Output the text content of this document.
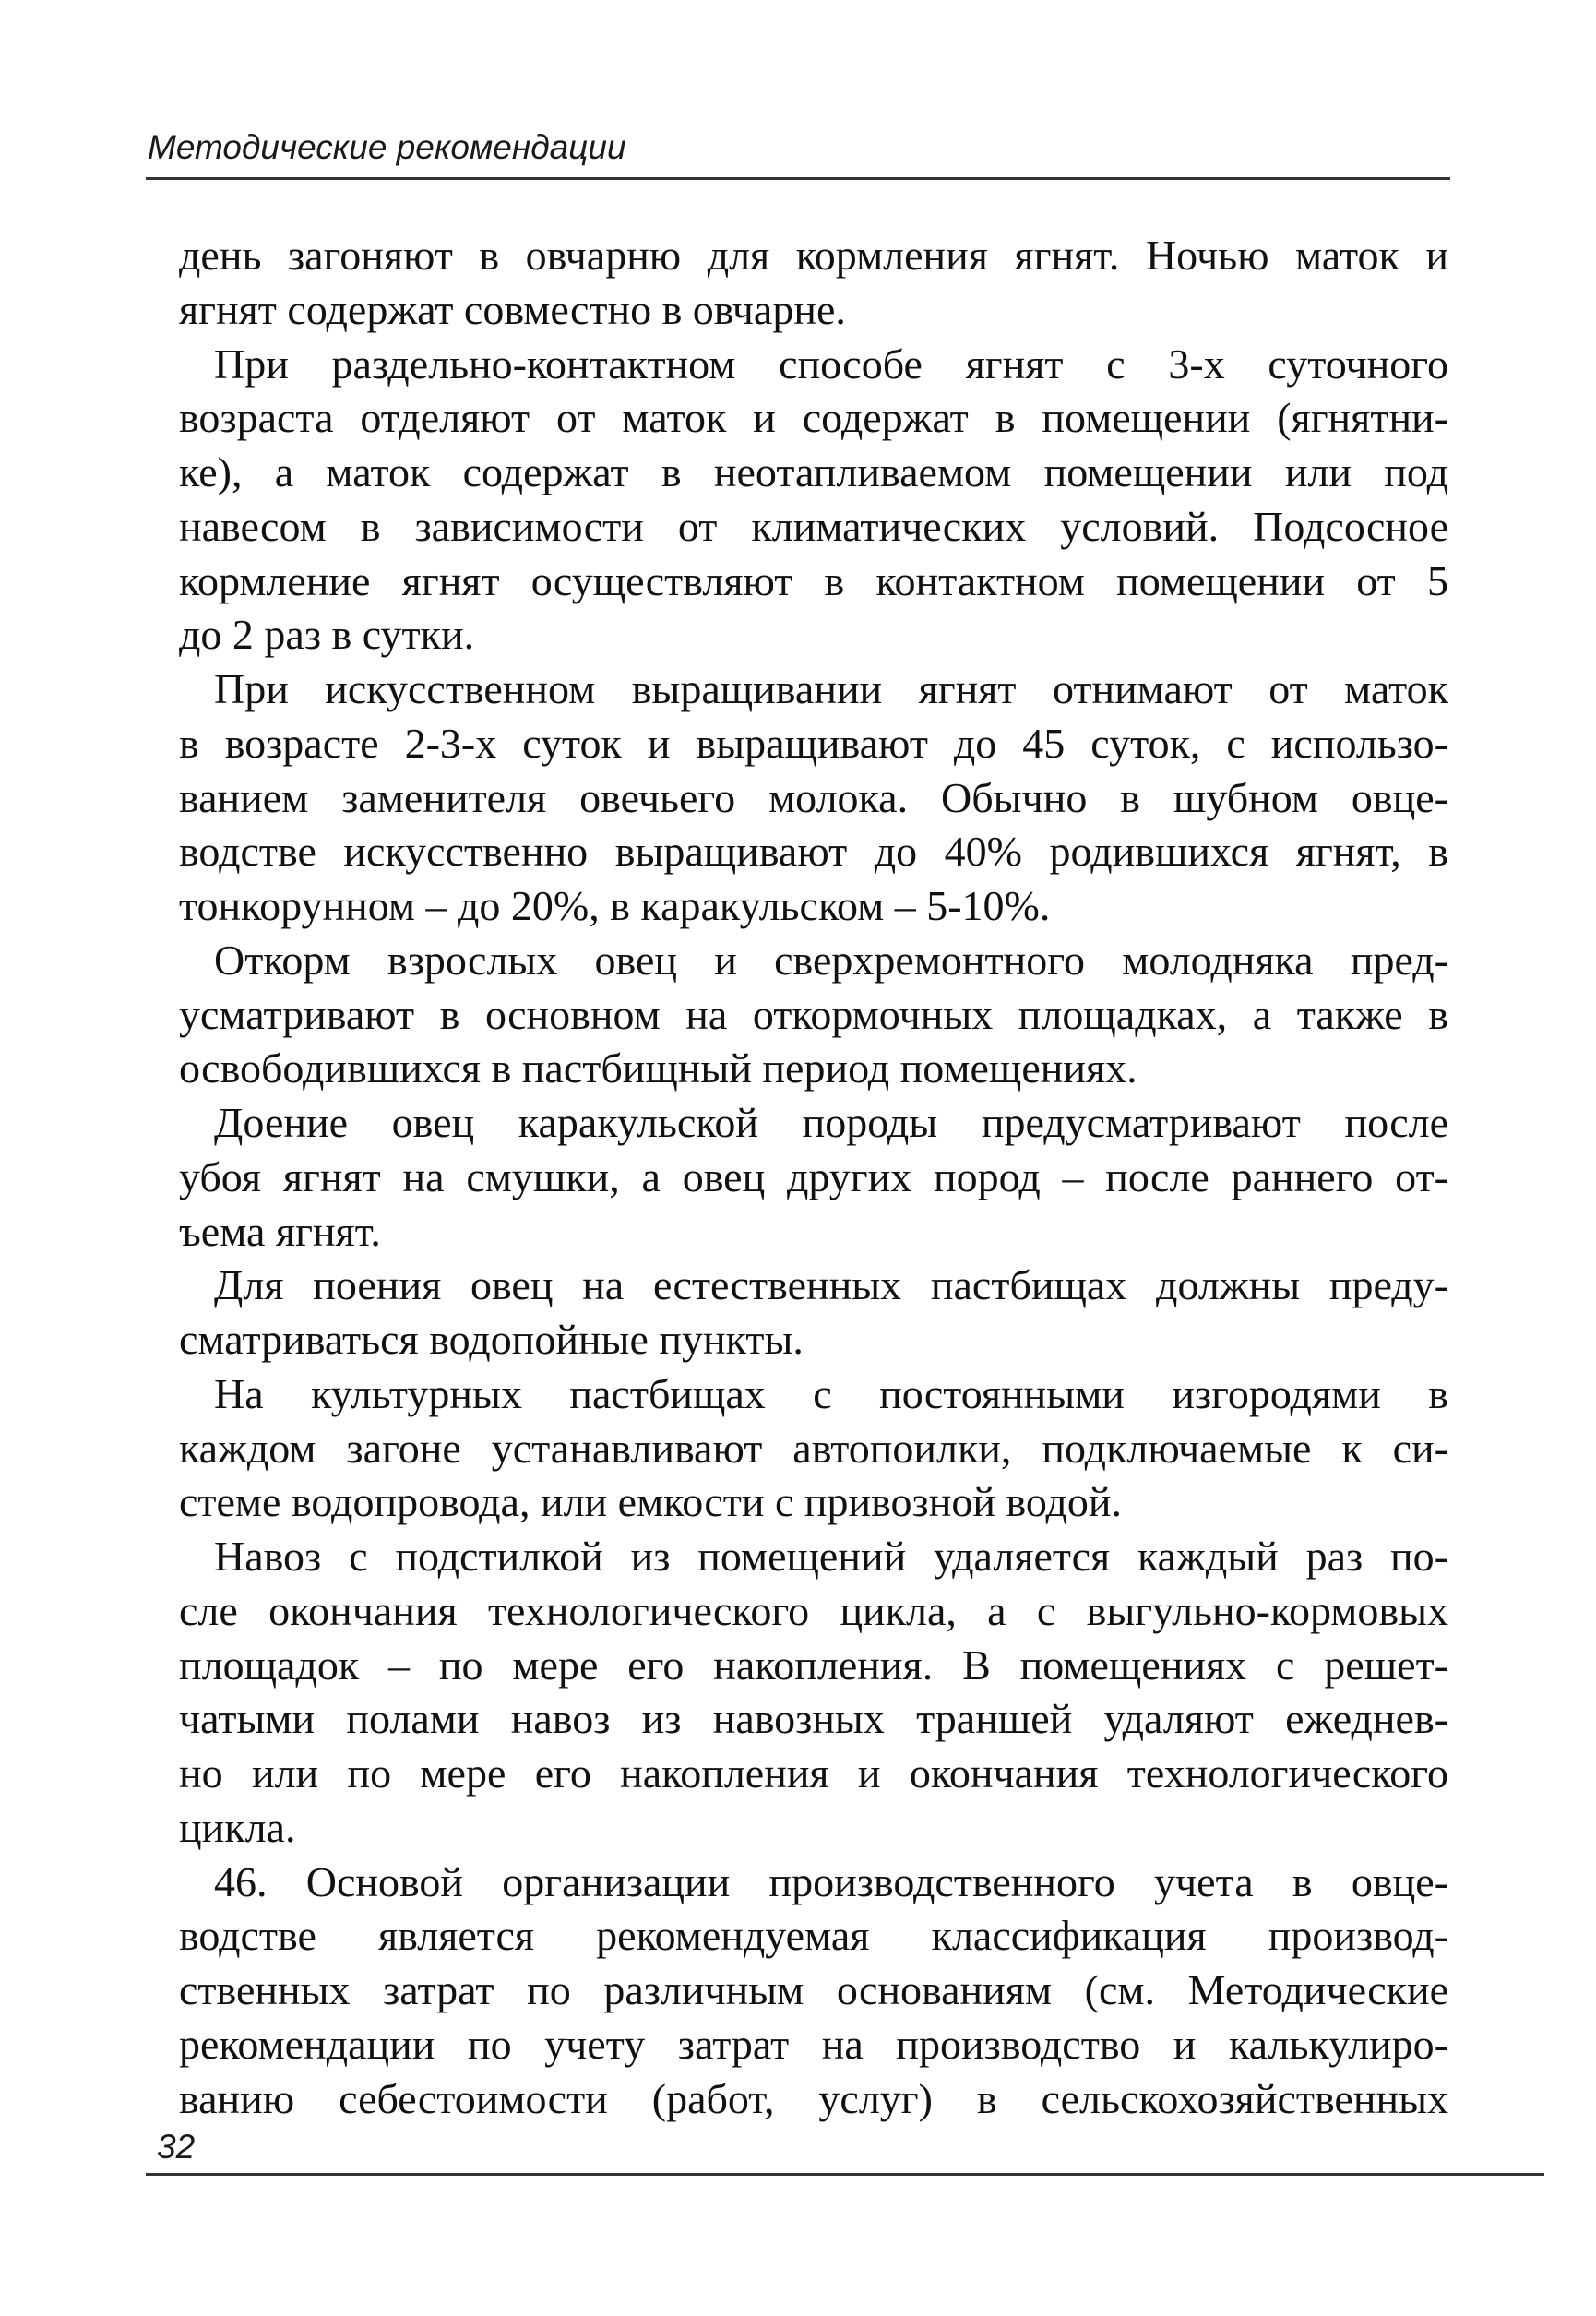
Методические рекомендации
день загоняют в овчарню для кормления ягнят. Ночью маток и
ягнят содержат совместно в овчарне.
При раздельно-контактном способе ягнят с 3-х суточного
возраста отделяют от маток и содержат в помещении (ягнятни-
ке), а маток содержат в неотапливаемом помещении или под
навесом в зависимости от климатических условий. Подсосное
кормление ягнят осуществляют в контактном помещении от 5
до 2 раз в сутки.
При искусственном выращивании ягнят отнимают от маток
в возрасте 2-3-х суток и выращивают до 45 суток, с использо-
ванием заменителя овечьего молока. Обычно в шубном овце-
водстве искусственно выращивают до 40% родившихся ягнят, в
тонкорунном – до 20%, в каракульском – 5-10%.
Откорм взрослых овец и сверхремонтного молодняка пред-
усматривают в основном на откормочных площадках, а также в
освободившихся в пастбищный период помещениях.
Доение овец каракульской породы предусматривают после
убоя ягнят на смушки, а овец других пород – после раннего от-
ъема ягнят.
Для поения овец на естественных пастбищах должны преду-
сматриваться водопойные пункты.
На культурных пастбищах с постоянными изгородями в
каждом загоне устанавливают автопоилки, подключаемые к си-
стеме водопровода, или емкости с привозной водой.
Навоз с подстилкой из помещений удаляется каждый раз по-
сле окончания технологического цикла, а с выгульно-кормовых
площадок – по мере его накопления. В помещениях с решет-
чатыми полами навоз из навозных траншей удаляют ежеднев-
но или по мере его накопления и окончания технологического
цикла.
46. Основой организации производственного учета в овце-
водстве является рекомендуемая классификация производ-
ственных затрат по различным основаниям (см. Методические
рекомендации по учету затрат на производство и калькулиро-
ванию себестоимости (работ, услуг) в сельскохозяйственных
32
